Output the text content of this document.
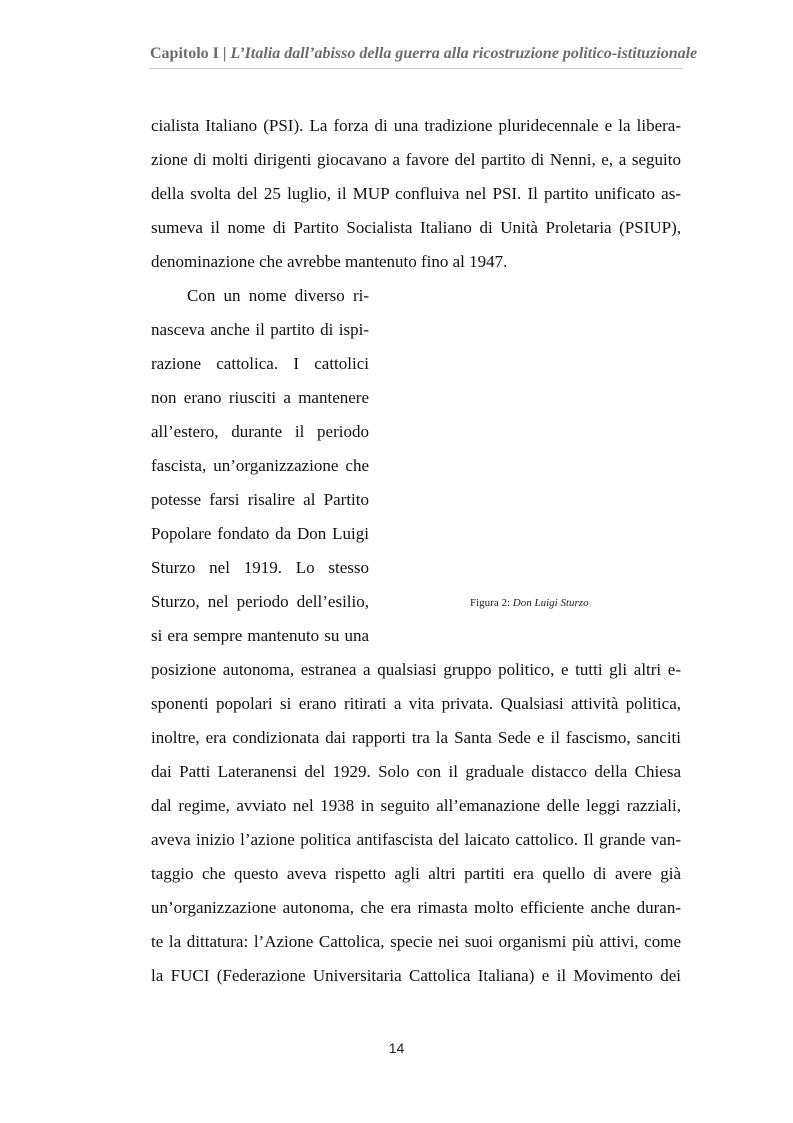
Capitolo I | L’Italia dall’abisso della guerra alla ricostruzione politico-istituzionale
cialista Italiano (PSI). La forza di una tradizione pluridecennale e la libera-
zione di molti dirigenti giocavano a favore del partito di Nenni, e, a seguito
della svolta del 25 luglio, il MUP confluiva nel PSI. Il partito unificato as-
sumeva il nome di Partito Socialista Italiano di Unità Proletaria (PSIUP),
denominazione che avrebbe mantenuto fino al 1947.
Con un nome diverso ri-
nasceva anche il partito di ispi-
razione cattolica. I cattolici
non erano riusciti a mantenere
all’estero, durante il periodo
fascista, un’organizzazione che
potesse farsi risalire al Partito
Popolare fondato da Don Luigi
Sturzo nel 1919. Lo stesso
Sturzo, nel periodo dell’esilio,
si era sempre mantenuto su una
Figura 2: Don Luigi Sturzo
posizione autonoma, estranea a qualsiasi gruppo politico, e tutti gli altri e-
sponenti popolari si erano ritirati a vita privata. Qualsiasi attività politica,
inoltre, era condizionata dai rapporti tra la Santa Sede e il fascismo, sanciti
dai Patti Lateranensi del 1929. Solo con il graduale distacco della Chiesa
dal regime, avviato nel 1938 in seguito all’emanazione delle leggi razziali,
aveva inizio l’azione politica antifascista del laicato cattolico. Il grande van-
taggio che questo aveva rispetto agli altri partiti era quello di avere già
un’organizzazione autonoma, che era rimasta molto efficiente anche duran-
te la dittatura: l’Azione Cattolica, specie nei suoi organismi più attivi, come
la FUCI (Federazione Universitaria Cattolica Italiana) e il Movimento dei
14
